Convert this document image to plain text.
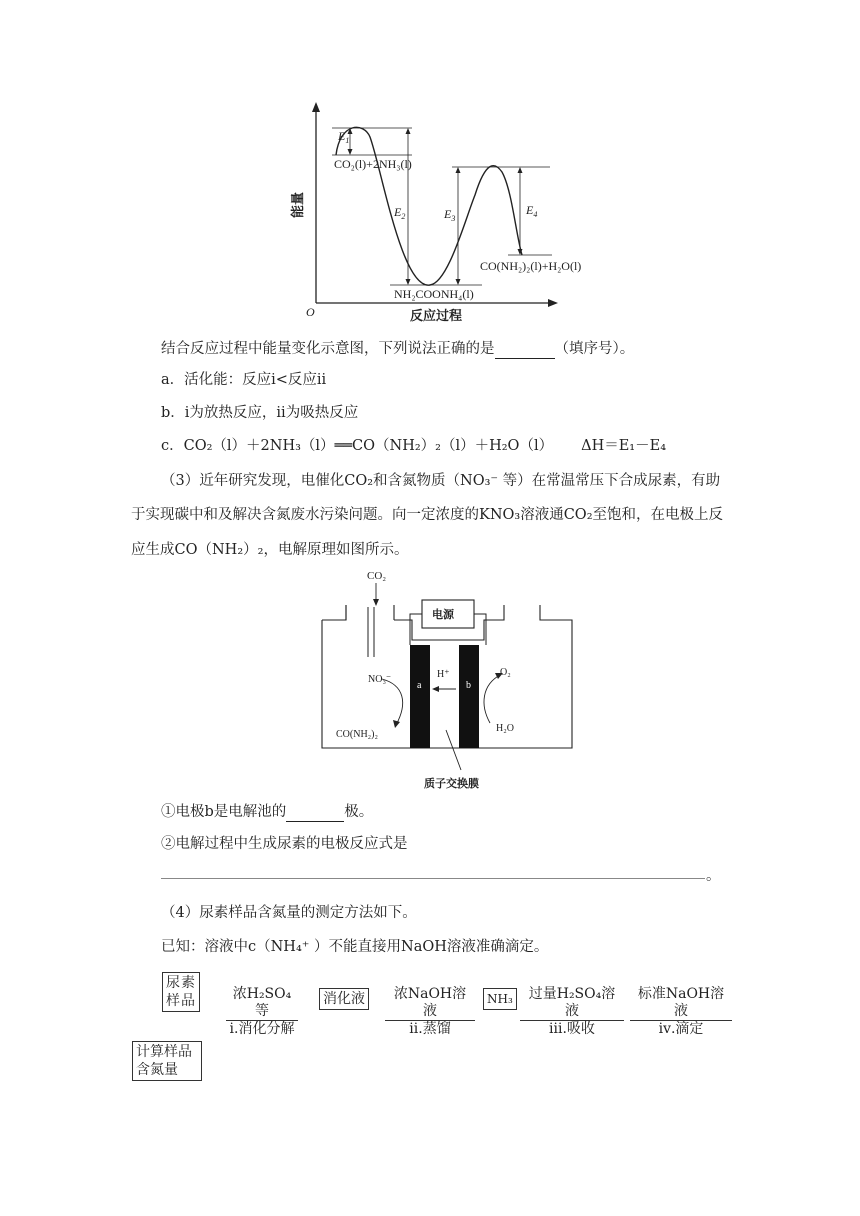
$E_1$
$E_2$	$E_3$
$E_4$
CO₂(l)+2NH₃(l)
NH₂COONH₄(l)
CO(NH₂)₂(l)+H₂O(l)
能量
反应过程
O
结合反应过程中能量变化示意图，下列说法正确的是	（填序号）。
a．活化能：反应ⅰ<反应ⅱ
b．ⅰ为放热反应，ⅱ为吸热反应
c．CO₂（l）＋2NH₃（l）══CO（NH₂）₂（l）＋H₂O（l） ΔH＝E₁－E₄
（3）近年研究发现，电催化CO₂和含氮物质（NO₃⁻ 等）在常温常压下合成尿素，有助
于实现碳中和及解决含氮废水污染问题。向一定浓度的KNO₃溶液通CO₂至饱和，在电极上反
应生成CO（NH₂）₂，电解原理如图所示。
CO₂
电源
a	b
H⁺
NO₃⁻
CO(NH₂)₂
O₂
H₂O
质子交换膜
①电极b是电解池的	极。
②电解过程中生成尿素的电极反应式是
。
（4）尿素样品含氮量的测定方法如下。
已知：溶液中c（NH₄⁺ ）不能直接用NaOH溶液准确滴定。
尿素样品	浓H₂SO₄等
ⅰ.消化分解
消化液	浓NaOH溶液
ⅱ.蒸馏
NH₃	过量H₂SO₄溶液
ⅲ.吸收
标准NaOH溶液
ⅳ.滴定
计算样品含氮量
